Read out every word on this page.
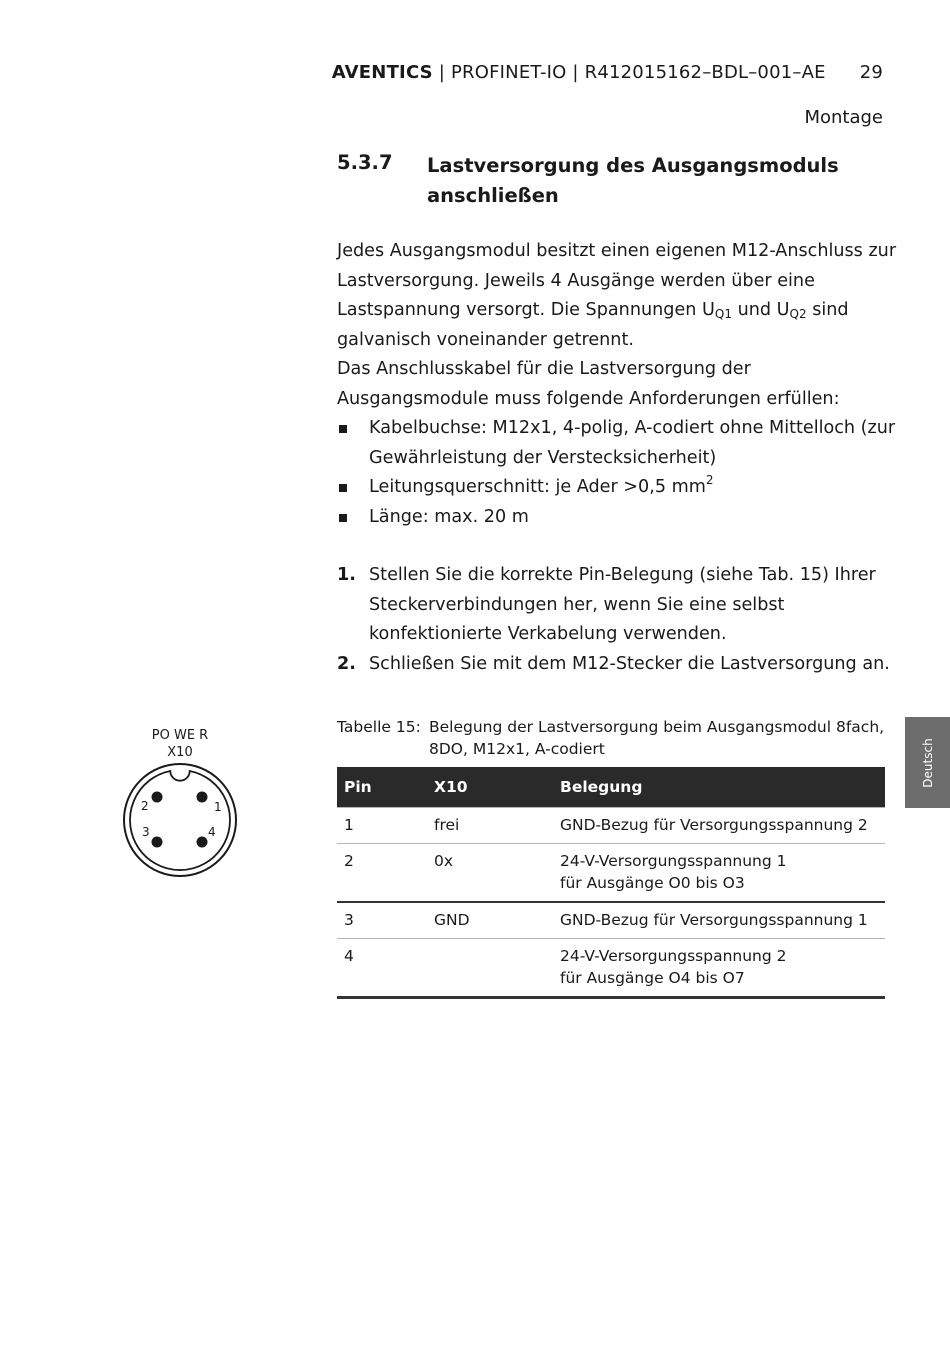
AVENTICS | PROFINET-IO | R412015162–BDL–001–AE 29
Montage
5.3.7 Lastversorgung des Ausgangsmoduls anschließen

Jedes Ausgangsmodul besitzt einen eigenen M12-Anschluss zur Lastversorgung. Jeweils 4 Ausgänge werden über eine Lastspannung versorgt. Die Spannungen $U_{Q1}$ und $U_{Q2}$ sind galvanisch voneinander getrennt.

Das Anschlusskabel für die Lastversorgung der Ausgangsmodule muss folgende Anforderungen erfüllen:

Kabelbuchse: M12x1, 4-polig, A-codiert ohne Mittelloch (zur Gewährleistung der Verstecksicherheit)
Leitungsquerschnitt: je Ader >0,5 $mm^2$
Länge: max. 20 m
1. Stellen Sie die korrekte Pin-Belegung (siehe Tab. 15) Ihrer Steckerverbindungen her, wenn Sie eine selbst konfektionierte Verkabelung verwenden.
2. Schließen Sie mit dem M12-Stecker die Lastversorgung an.
PO WE R
X10
1
2
3	4
Tabelle 15: Belegung der Lastversorgung beim Ausgangsmodul 8fach, 8DO, M12x1, A-codiert
Pin	X10	Belegung
1	frei	GND-Bezug für Versorgungsspannung 2

2	0x	24-V-Versorgungsspannung 1
für Ausgänge O0 bis O3

3	GND	GND-Bezug für Versorgungsspannung 1

4		24-V-Versorgungsspannung 2
für Ausgänge O4 bis O7
Deutsch
